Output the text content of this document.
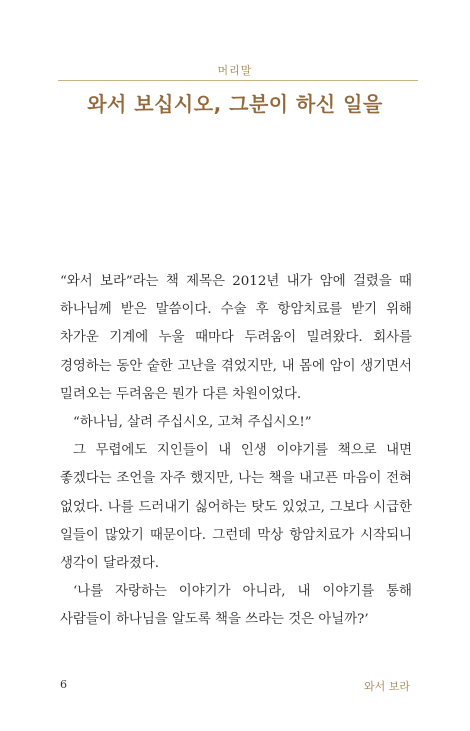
머리말
와서 보십시오, 그분이 하신 일을

“와서 보라”라는 책 제목은 2012년 내가 암에 걸렸을 때 하나님께 받은 말씀이다. 수술 후 항암치료를 받기 위해 차가운 기계에 누울 때마다 두려움이 밀려왔다. 회사를 경영하는 동안 숱한 고난을 겪었지만, 내 몸에 암이 생기면서 밀려오는 두려움은 뭔가 다른 차원이었다.

“하나님, 살려 주십시오, 고쳐 주십시오!”

그 무렵에도 지인들이 내 인생 이야기를 책으로 내면 좋겠다는 조언을 자주 했지만, 나는 책을 내고픈 마음이 전혀 없었다. 나를 드러내기 싫어하는 탓도 있었고, 그보다 시급한 일들이 많았기 때문이다. 그런데 막상 항암치료가 시작되니 생각이 달라졌다.

‘나를 자랑하는 이야기가 아니라, 내 이야기를 통해 사람들이 하나님을 알도록 책을 쓰라는 것은 아닐까?’

6	와서 보라
